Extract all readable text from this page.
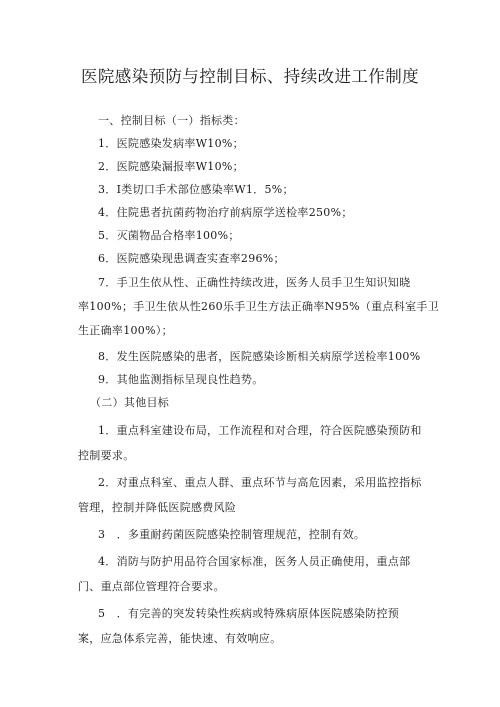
医院感染预防与控制目标、持续改进工作制度
一、控制目标（一）指标类：
1．医院感染发病率W10%；
2．医院感染漏报率W10%；
3．I类切口手术部位感染率W1．5%；
4．住院患者抗菌药物治疗前病原学送检率250%；
5．灭菌物品合格率100%；
6．医院感染现患调查实查率296%；
7．手卫生依从性、正确性持续改进，医务人员手卫生知识知晓
率100%；手卫生依从性260乐手卫生方法正确率N95%（重点科室手卫
生正确率100%）；
8．发生医院感染的患者，医院感染诊断相关病原学送检率100%
9．其他监测指标呈现良性趋势。
（二）其他目标
1．重点科室建设布局，工作流程和对合理，符合医院感染预防和
控制要求。
2．对重点科室、重点人群、重点环节与高危因素，采用监控指标
管理，控制并降低医院感费风险
3　．多重耐药菌医院感染控制管理规范，控制有效。
4．消防与防护用品符合国家标准，医务人员正确使用，重点部
门、重点部位管理符合要求。
5　．有完善的突发转染性疾病或特殊病原体医院感染防控预
案，应急体系完善，能快速、有效响应。
